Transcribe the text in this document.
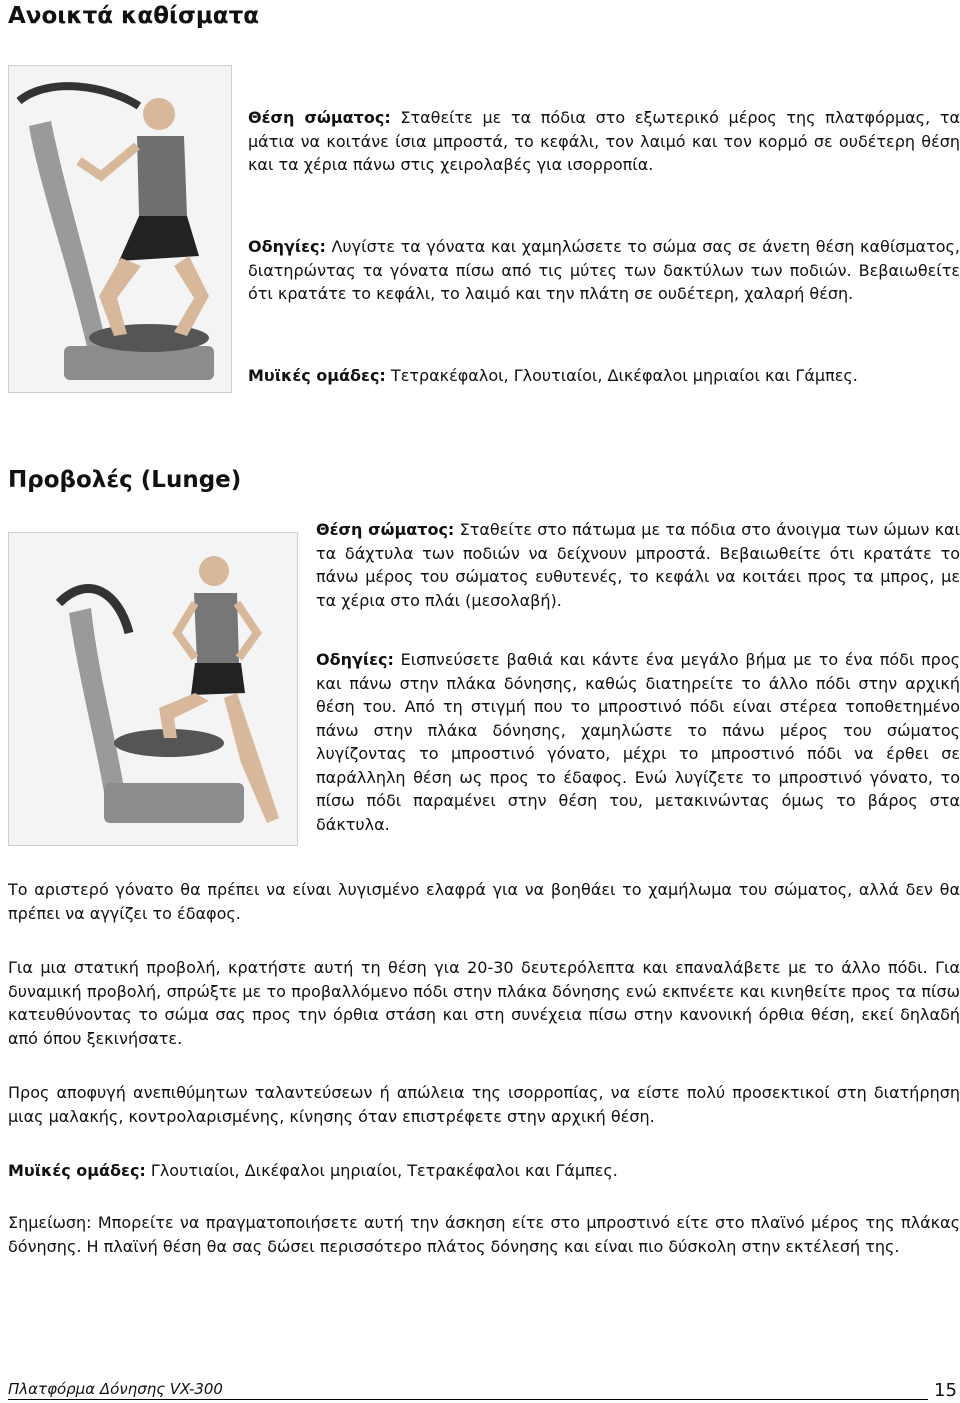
Ανοικτά καθίσματα

Θέση σώματος: Σταθείτε με τα πόδια στο εξωτερικό μέρος της πλατφόρμας, τα μάτια να κοιτάνε ίσια μπροστά, το κεφάλι, τον λαιμό και τον κορμό σε ουδέτερη θέση και τα χέρια πάνω στις χειρολαβές για ισορροπία.

Οδηγίες: Λυγίστε τα γόνατα και χαμηλώσετε το σώμα σας σε άνετη θέση καθίσματος, διατηρώντας τα γόνατα πίσω από τις μύτες των δακτύλων των ποδιών. Βεβαιωθείτε ότι κρατάτε το κεφάλι, το λαιμό και την πλάτη σε ουδέτερη, χαλαρή θέση.

Μυϊκές ομάδες: Τετρακέφαλοι, Γλουτιαίοι, Δικέφαλοι μηριαίοι και Γάμπες.

Προβολές (Lunge)

Θέση σώματος: Σταθείτε στο πάτωμα με τα πόδια στο άνοιγμα των ώμων και τα δάχτυλα των ποδιών να δείχνουν μπροστά. Βεβαιωθείτε ότι κρατάτε το πάνω μέρος του σώματος ευθυτενές, το κεφάλι να κοιτάει προς τα μπρος, με τα χέρια στο πλάι (μεσολαβή).

Οδηγίες: Εισπνεύσετε βαθιά και κάντε ένα μεγάλο βήμα με το ένα πόδι προς και πάνω στην πλάκα δόνησης, καθώς διατηρείτε το άλλο πόδι στην αρχική θέση του. Από τη στιγμή που το μπροστινό πόδι είναι στέρεα τοποθετημένο πάνω στην πλάκα δόνησης, χαμηλώστε το πάνω μέρος του σώματος λυγίζοντας το μπροστινό γόνατο, μέχρι το μπροστινό πόδι να έρθει σε παράλληλη θέση ως προς το έδαφος. Ενώ λυγίζετε το μπροστινό γόνατο, το πίσω πόδι παραμένει στην θέση του, μετακινώντας όμως το βάρος στα δάκτυλα.

Το αριστερό γόνατο θα πρέπει να είναι λυγισμένο ελαφρά για να βοηθάει το χαμήλωμα του σώματος, αλλά δεν θα πρέπει να αγγίζει το έδαφος.

Για μια στατική προβολή, κρατήστε αυτή τη θέση για 20-30 δευτερόλεπτα και επαναλάβετε με το άλλο πόδι. Για δυναμική προβολή, σπρώξτε με το προβαλλόμενο πόδι στην πλάκα δόνησης ενώ εκπνέετε και κινηθείτε προς τα πίσω κατευθύνοντας το σώμα σας προς την όρθια στάση και στη συνέχεια πίσω στην κανονική όρθια θέση, εκεί δηλαδή από όπου ξεκινήσατε.

Προς αποφυγή ανεπιθύμητων ταλαντεύσεων ή απώλεια της ισορροπίας, να είστε πολύ προσεκτικοί στη διατήρηση μιας μαλακής, κοντρολαρισμένης, κίνησης όταν επιστρέφετε στην αρχική θέση.

Μυϊκές ομάδες: Γλουτιαίοι, Δικέφαλοι μηριαίοι, Τετρακέφαλοι και Γάμπες.

Σημείωση: Μπορείτε να πραγματοποιήσετε αυτή την άσκηση είτε στο μπροστινό είτε στο πλαϊνό μέρος της πλάκας δόνησης. Η πλαϊνή θέση θα σας δώσει περισσότερο πλάτος δόνησης και είναι πιο δύσκολη στην εκτέλεσή της.

Πλατφόρμα Δόνησης VX-300	15
